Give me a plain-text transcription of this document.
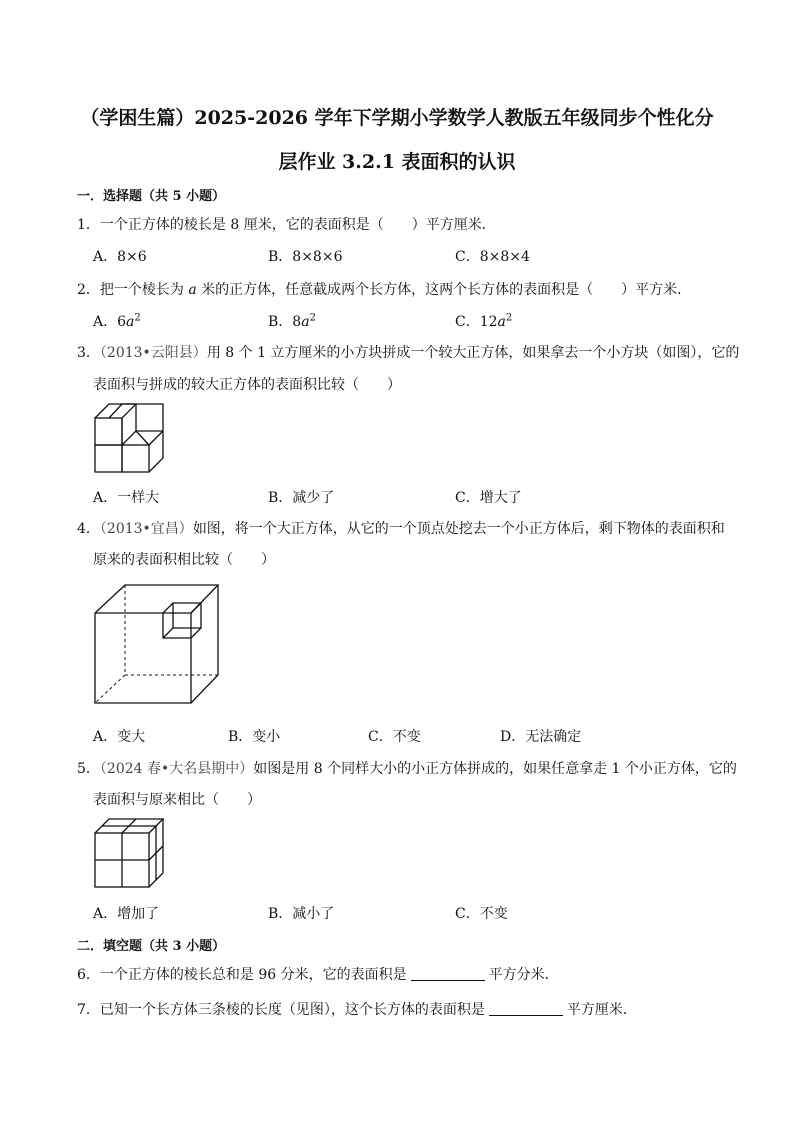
（学困生篇）2025-2026 学年下学期小学数学人教版五年级同步个性化分
层作业 3.2.1 表面积的认识
一．选择题（共 5 小题）
1．一个正方体的棱长是 8 厘米，它的表面积是（　　）平方厘米．
A．8×6	B．8×8×6	C．8×8×4
2．把一个棱长为 a 米的正方体，任意截成两个长方体，这两个长方体的表面积是（　　）平方米．
A．$6a^2$	B．$8a^2$	C．$12a^2$
3．（2013•云阳县）用 8 个 1 立方厘米的小方块拼成一个较大正方体，如果拿去一个小方块（如图），它的
表面积与拼成的较大正方体的表面积比较（　　）
A．一样大	B．减少了	C．增大了
4．（2013•宜昌）如图，将一个大正方体，从它的一个顶点处挖去一个小正方体后，剩下物体的表面积和
原来的表面积相比较（　　）
A．变大	B．变小	C．不变	D．无法确定
5．（2024 春•大名县期中）如图是用 8 个同样大小的小正方体拼成的，如果任意拿走 1 个小正方体，它的
表面积与原来相比（　　）
A．增加了	B．减小了	C．不变
二．填空题（共 3 小题）
6．一个正方体的棱长总和是 96 分米，它的表面积是	平方分米．
7．已知一个长方体三条棱的长度（见图），这个长方体的表面积是	平方厘米．
